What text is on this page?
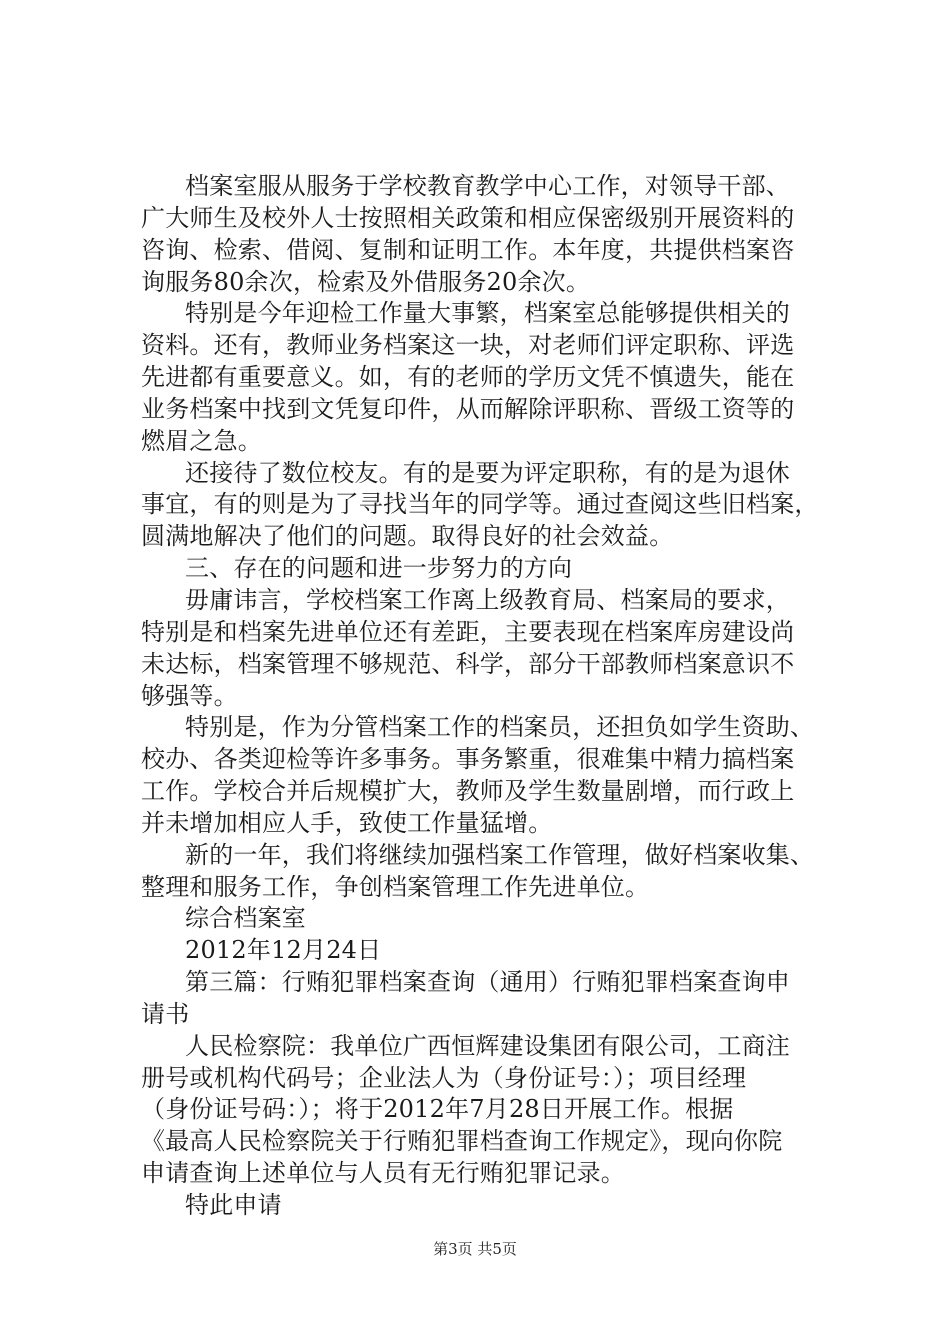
档案室服从服务于学校教育教学中心工作，对领导干部、
广大师生及校外人士按照相关政策和相应保密级别开展资料的
咨询、检索、借阅、复制和证明工作。本年度，共提供档案咨
询服务80余次，检索及外借服务20余次。
特别是今年迎检工作量大事繁，档案室总能够提供相关的
资料。还有，教师业务档案这一块，对老师们评定职称、评选
先进都有重要意义。如，有的老师的学历文凭不慎遗失，能在
业务档案中找到文凭复印件，从而解除评职称、晋级工资等的
燃眉之急。
还接待了数位校友。有的是要为评定职称，有的是为退休
事宜，有的则是为了寻找当年的同学等。通过查阅这些旧档案，
圆满地解决了他们的问题。取得良好的社会效益。
三、存在的问题和进一步努力的方向
毋庸讳言，学校档案工作离上级教育局、档案局的要求，
特别是和档案先进单位还有差距，主要表现在档案库房建设尚
未达标，档案管理不够规范、科学，部分干部教师档案意识不
够强等。
特别是，作为分管档案工作的档案员，还担负如学生资助、
校办、各类迎检等许多事务。事务繁重，很难集中精力搞档案
工作。学校合并后规模扩大，教师及学生数量剧增，而行政上
并未增加相应人手，致使工作量猛增。
新的一年，我们将继续加强档案工作管理，做好档案收集、
整理和服务工作，争创档案管理工作先进单位。
综合档案室
2012年12月24日
第三篇：行贿犯罪档案查询（通用）行贿犯罪档案查询申
请书
人民检察院：我单位广西恒辉建设集团有限公司，工商注
册号或机构代码号；企业法人为（身份证号：）；项目经理
（身份证号码：）；将于2012年7月28日开展工作。根据
《最高人民检察院关于行贿犯罪档查询工作规定》，现向你院
申请查询上述单位与人员有无行贿犯罪记录。
特此申请
第3页 共5页
